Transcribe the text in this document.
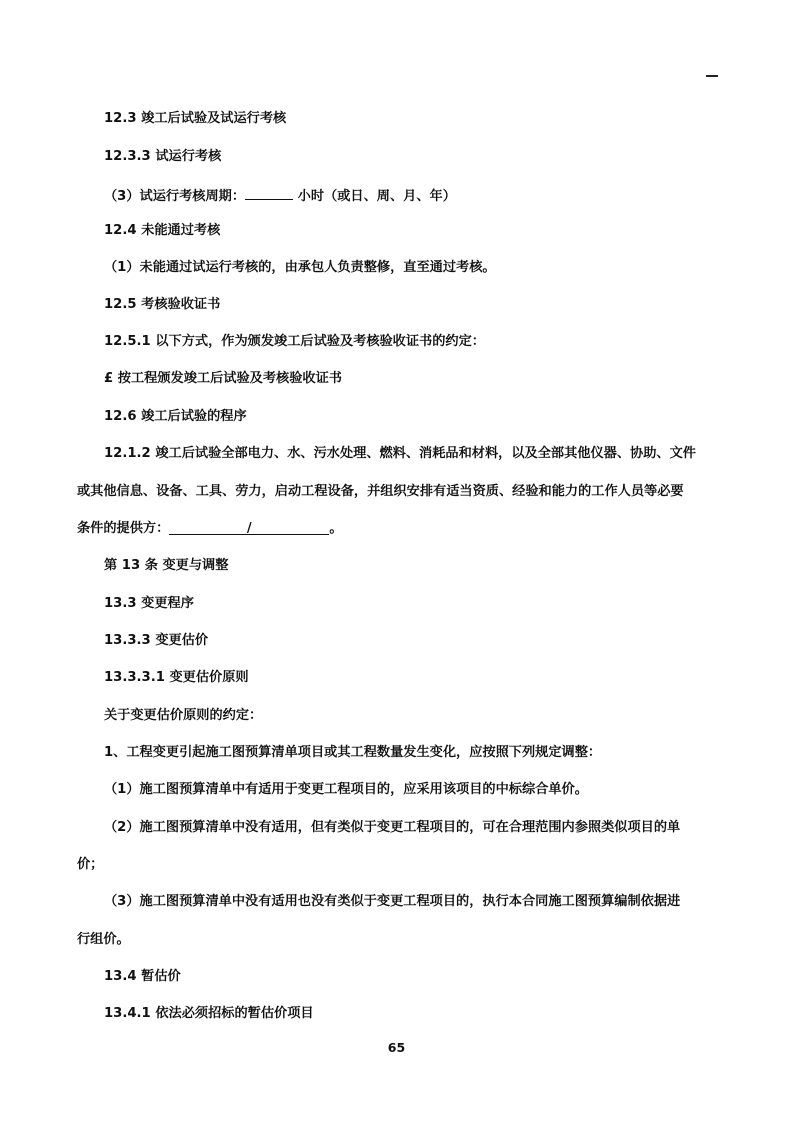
12.3 竣工后试验及试运行考核
12.3.3 试运行考核
（3）试运行考核周期：	小时（或日、周、月、年）
12.4 未能通过考核
（1）未能通过试运行考核的，由承包人负责整修，直至通过考核。
12.5 考核验收证书
12.5.1 以下方式，作为颁发竣工后试验及考核验收证书的约定：
£ 按工程颁发竣工后试验及考核验收证书
12.6 竣工后试验的程序
12.1.2 竣工后试验全部电力、水、污水处理、燃料、消耗品和材料，以及全部其他仪器、协助、文件
或其他信息、设备、工具、劳力，启动工程设备，并组织安排有适当资质、经验和能力的工作人员等必要
条件的提供方：	/	。
第 13 条 变更与调整
13.3 变更程序
13.3.3 变更估价
13.3.3.1 变更估价原则
关于变更估价原则的约定：
1、工程变更引起施工图预算清单项目或其工程数量发生变化，应按照下列规定调整：
（1）施工图预算清单中有适用于变更工程项目的，应采用该项目的中标综合单价。
（2）施工图预算清单中没有适用，但有类似于变更工程项目的，可在合理范围内参照类似项目的单
价；
（3）施工图预算清单中没有适用也没有类似于变更工程项目的，执行本合同施工图预算编制依据进
行组价。
13.4 暂估价
13.4.1 依法必须招标的暂估价项目
65
